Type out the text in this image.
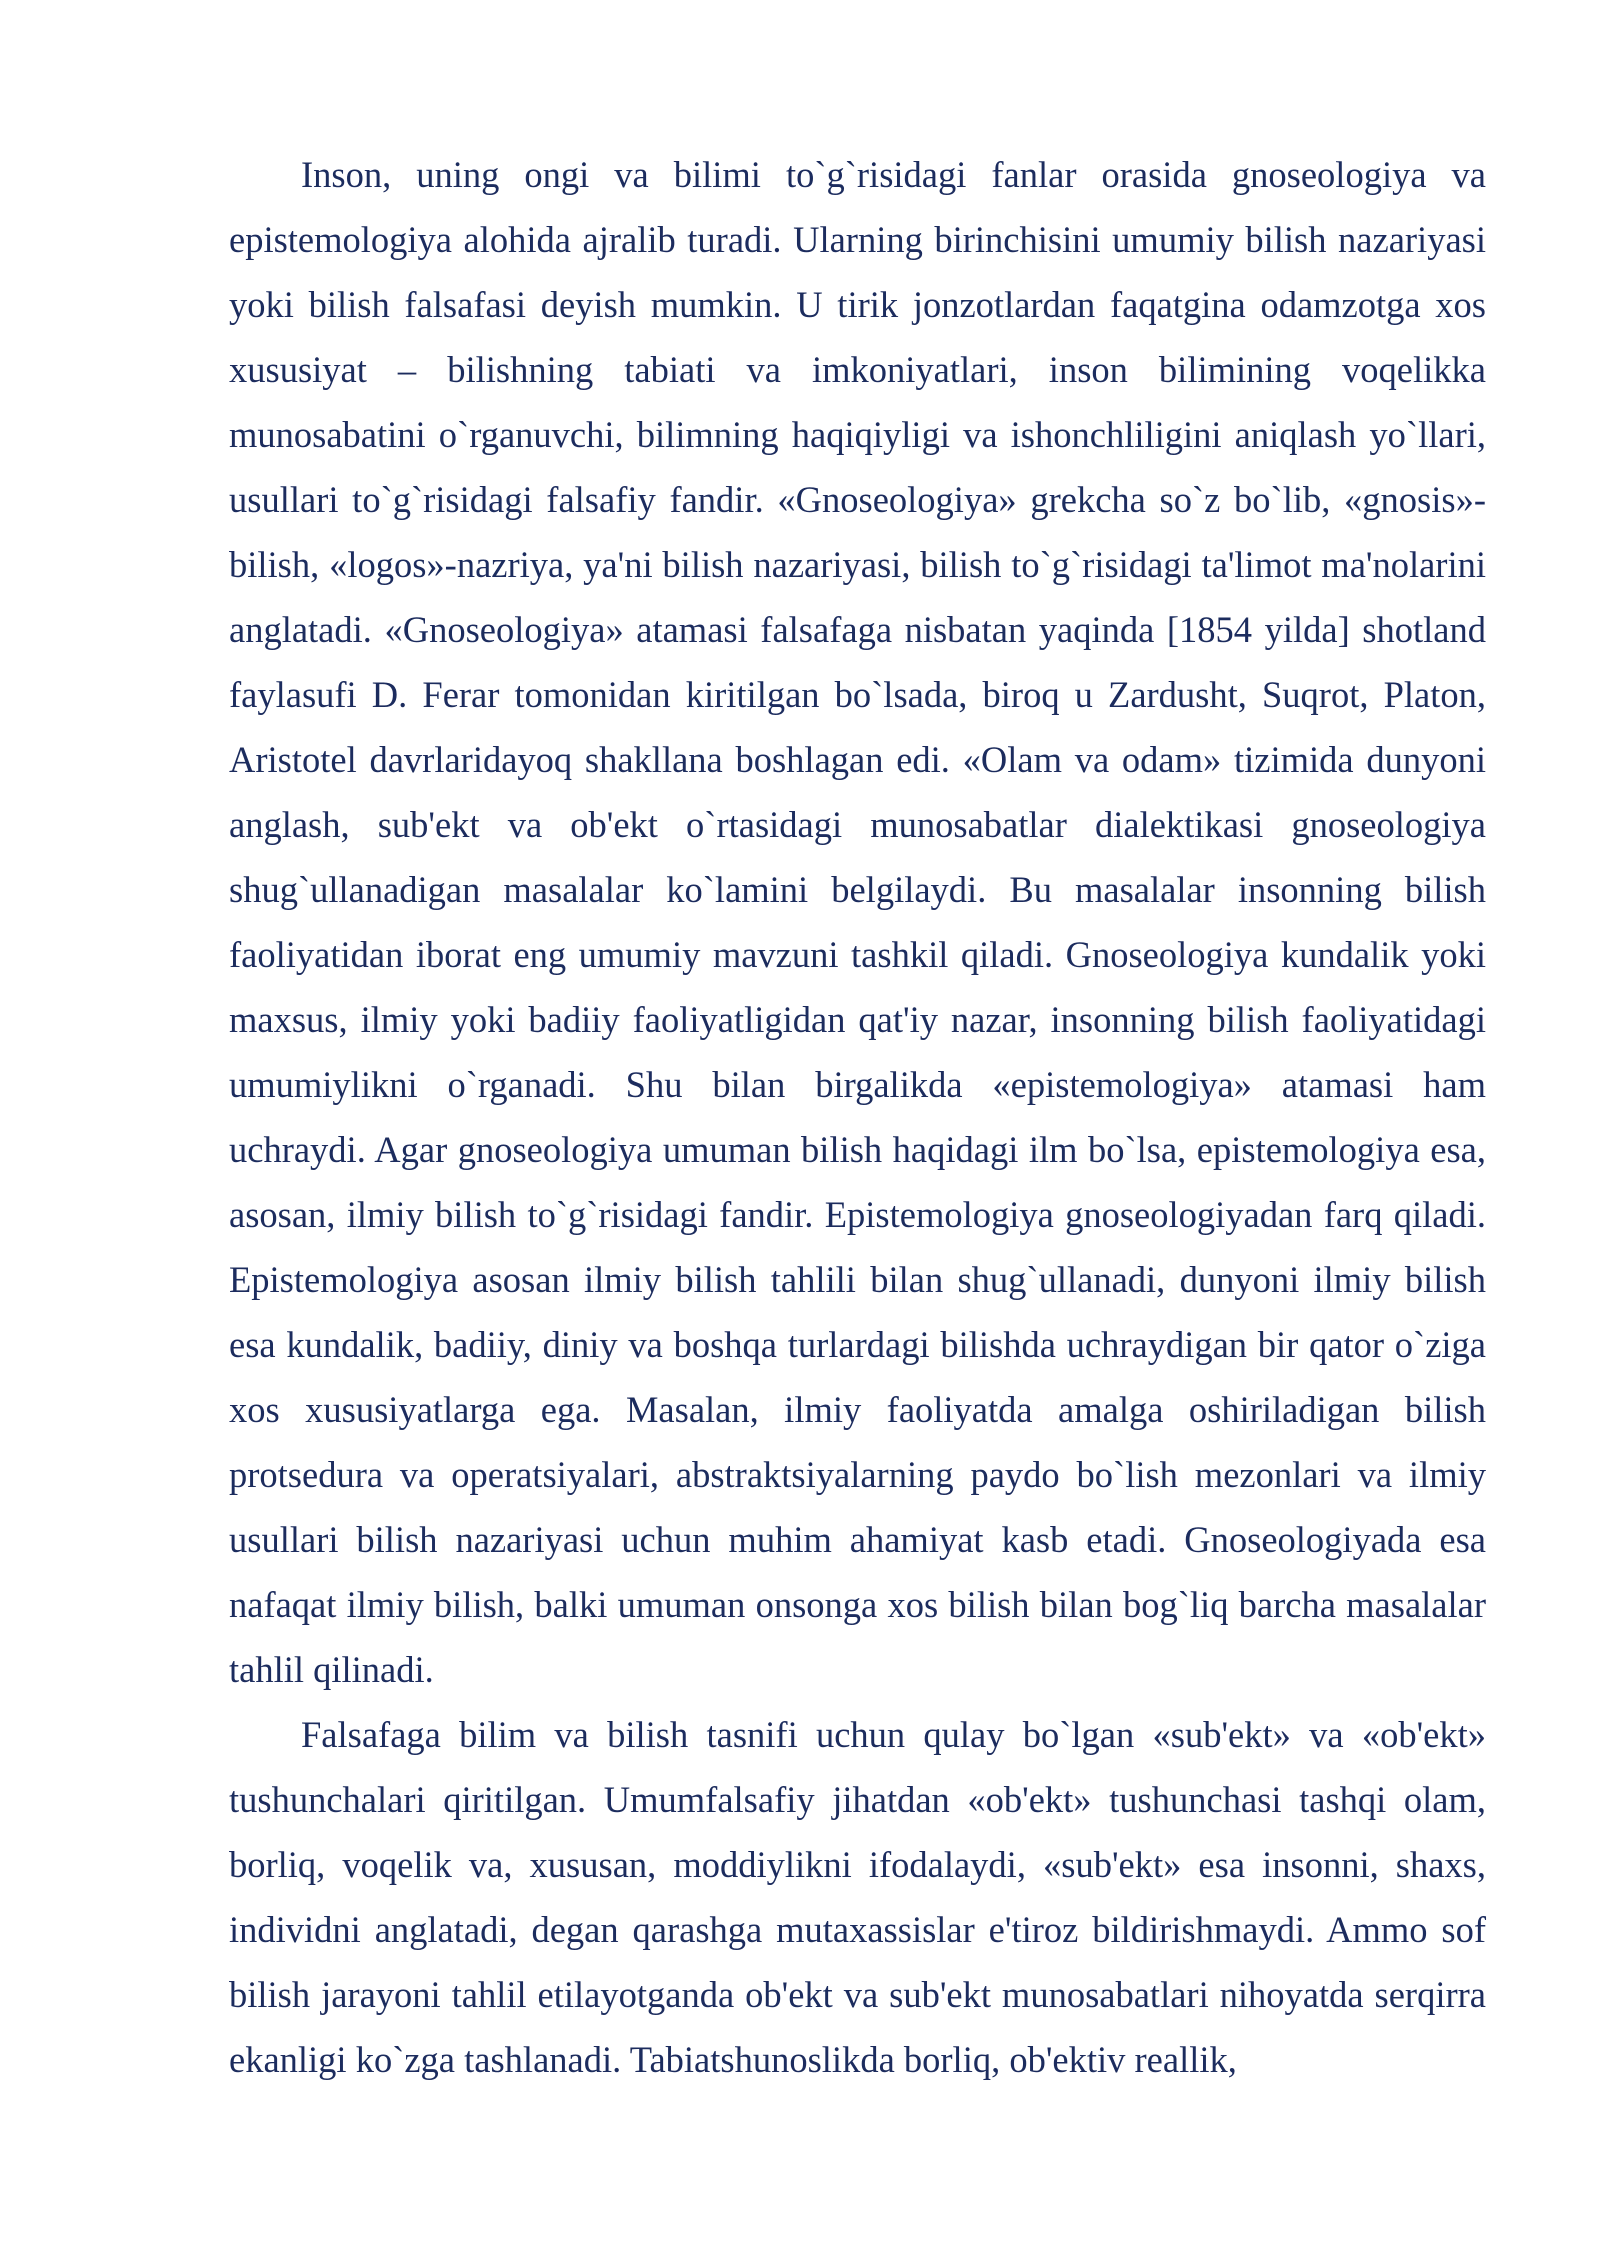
Inson, uning ongi va bilimi to`g`risidagi fanlar orasida gnoseologiya va epistemologiya alohida ajralib turadi. Ularning birinchisini umumiy bilish nazariyasi yoki bilish falsafasi deyish mumkin. U tirik jonzotlardan faqatgina odamzotga xos xususiyat – bilishning tabiati va imkoniyatlari, inson bilimining voqelikka munosabatini o`rganuvchi, bilimning haqiqiyligi va ishonchliligini aniqlash yo`llari, usullari to`g`risidagi falsafiy fandir. «Gnoseologiya» grekcha so`z bo`lib, «gnosis»-bilish, «logos»-nazriya, ya'ni bilish nazariyasi, bilish to`g`risidagi ta'limot ma'nolarini anglatadi. «Gnoseologiya» atamasi falsafaga nisbatan yaqinda [1854 yilda] shotland faylasufi D. Ferar tomonidan kiritilgan bo`lsada, biroq u Zardusht, Suqrot, Platon, Aristotel davrlaridayoq shakllana boshlagan edi. «Olam va odam» tizimida dunyoni anglash, sub'ekt va ob'ekt o`rtasidagi munosabatlar dialektikasi gnoseologiya shug`ullanadigan masalalar ko`lamini belgilaydi. Bu masalalar insonning bilish faoliyatidan iborat eng umumiy mavzuni tashkil qiladi. Gnoseologiya kundalik yoki maxsus, ilmiy yoki badiiy faoliyatligidan qat'iy nazar, insonning bilish faoliyatidagi umumiylikni o`rganadi. Shu bilan birgalikda «epistemologiya» atamasi ham uchraydi. Agar gnoseologiya umuman bilish haqidagi ilm bo`lsa, epistemologiya esa, asosan, ilmiy bilish to`g`risidagi fandir. Epistemologiya gnoseologiyadan farq qiladi. Epistemologiya asosan ilmiy bilish tahlili bilan shug`ullanadi, dunyoni ilmiy bilish esa kundalik, badiiy, diniy va boshqa turlardagi bilishda uchraydigan bir qator o`ziga xos xususiyatlarga ega. Masalan, ilmiy faoliyatda amalga oshiriladigan bilish protsedura va operatsiyalari, abstraktsiyalarning paydo bo`lish mezonlari va ilmiy usullari bilish nazariyasi uchun muhim ahamiyat kasb etadi. Gnoseologiyada esa nafaqat ilmiy bilish, balki umuman onsonga xos bilish bilan bog`liq barcha masalalar tahlil qilinadi.

Falsafaga bilim va bilish tasnifi uchun qulay bo`lgan «sub'ekt» va «ob'ekt» tushunchalari qiritilgan. Umumfalsafiy jihatdan «ob'ekt» tushunchasi tashqi olam, borliq, voqelik va, xususan, moddiylikni ifodalaydi, «sub'ekt» esa insonni, shaxs, individni anglatadi, degan qarashga mutaxassislar e'tiroz bildirishmaydi. Ammo sof bilish jarayoni tahlil etilayotganda ob'ekt va sub'ekt munosabatlari nihoyatda serqirra ekanligi ko`zga tashlanadi. Tabiatshunoslikda borliq, ob'ektiv reallik,
